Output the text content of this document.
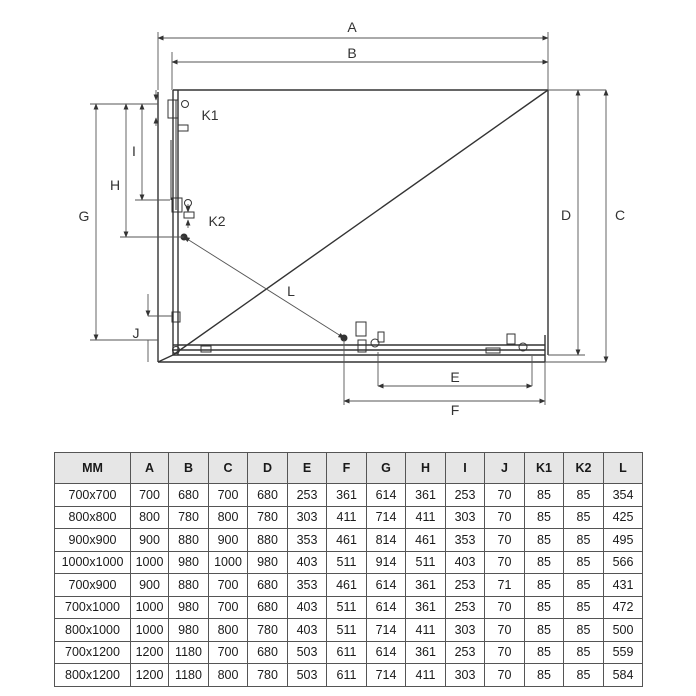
A
B
C
D
E
F
G
H
I
J
K1
K2
L
MM	A	B	C	D	E	F	G	H	I	J	K1	K2	L
700x700	700	680	700	680	253	361	614	361	253	70	85	85	354
800x800	800	780	800	780	303	411	714	411	303	70	85	85	425
900x900	900	880	900	880	353	461	814	461	353	70	85	85	495
1000x1000	1000	980	1000	980	403	511	914	511	403	70	85	85	566
700x900	900	880	700	680	353	461	614	361	253	71	85	85	431
700x1000	1000	980	700	680	403	511	614	361	253	70	85	85	472
800x1000	1000	980	800	780	403	511	714	411	303	70	85	85	500
700x1200	1200	1180	700	680	503	611	614	361	253	70	85	85	559
800x1200	1200	1180	800	780	503	611	714	411	303	70	85	85	584
